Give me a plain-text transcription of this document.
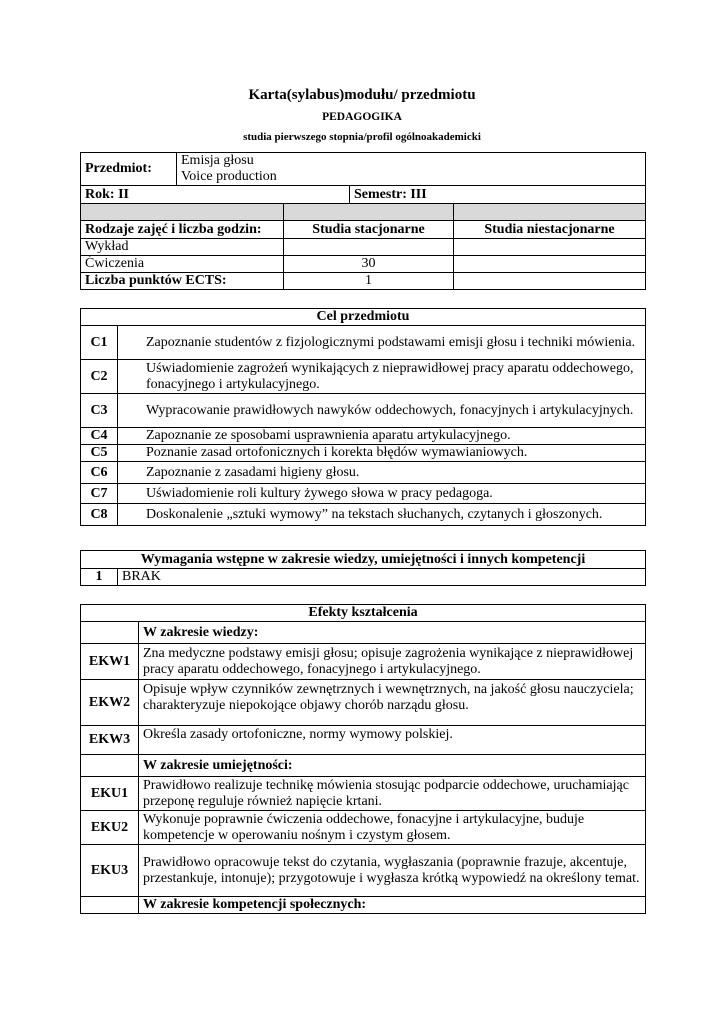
Karta(sylabus)modułu/ przedmiotu
PEDAGOGIKA
studia pierwszego stopnia/profil ogólnoakademicki
Przedmiot:	Emisja głosu
Voice production			

Rok: II			Semestr: III	

Rodzaje zajęć i liczba godzin:		Studia stacjonarne		Studia niestacjonarne
Wykład				
Ćwiczenia		30		
Liczba punktów ECTS:		1		
Cel przedmiotu	
C1	Zapoznanie studentów z fizjologicznymi podstawami emisji głosu i techniki mówienia.
C2	Uświadomienie zagrożeń wynikających z nieprawidłowej pracy aparatu oddechowego, fonacyjnego i artykulacyjnego.
C3	Wypracowanie prawidłowych nawyków oddechowych, fonacyjnych i artykulacyjnych.
C4	Zapoznanie ze sposobami usprawnienia aparatu artykulacyjnego.
C5	Poznanie zasad ortofonicznych i korekta błędów wymawianiowych.
C6	Zapoznanie z zasadami higieny głosu.
C7	Uświadomienie roli kultury żywego słowa w pracy pedagoga.
C8	Doskonalenie „sztuki wymowy” na tekstach słuchanych, czytanych i głoszonych.
Wymagania wstępne w zakresie wiedzy, umiejętności i innych kompetencji
1	BRAK
Efekty kształcenia	
	W zakresie wiedzy:
EKW1	Zna medyczne podstawy emisji głosu; opisuje zagrożenia wynikające z nieprawidłowej pracy aparatu oddechowego, fonacyjnego i artykulacyjnego.
EKW2	Opisuje wpływ czynników zewnętrznych i wewnętrznych, na jakość głosu nauczyciela; charakteryzuje niepokojące objawy chorób narządu głosu.
EKW3	Określa zasady ortofoniczne, normy wymowy polskiej.
	W zakresie umiejętności:
EKU1	Prawidłowo realizuje technikę mówienia stosując podparcie oddechowe, uruchamiając przeponę reguluje również napięcie krtani.
EKU2	Wykonuje poprawnie ćwiczenia oddechowe, fonacyjne i artykulacyjne, buduje kompetencje w operowaniu nośnym i czystym głosem.
EKU3	Prawidłowo opracowuje tekst do czytania, wygłaszania (poprawnie frazuje, akcentuje, przestankuje, intonuje); przygotowuje i wygłasza krótką wypowiedź na określony temat.
	W zakresie kompetencji społecznych:
